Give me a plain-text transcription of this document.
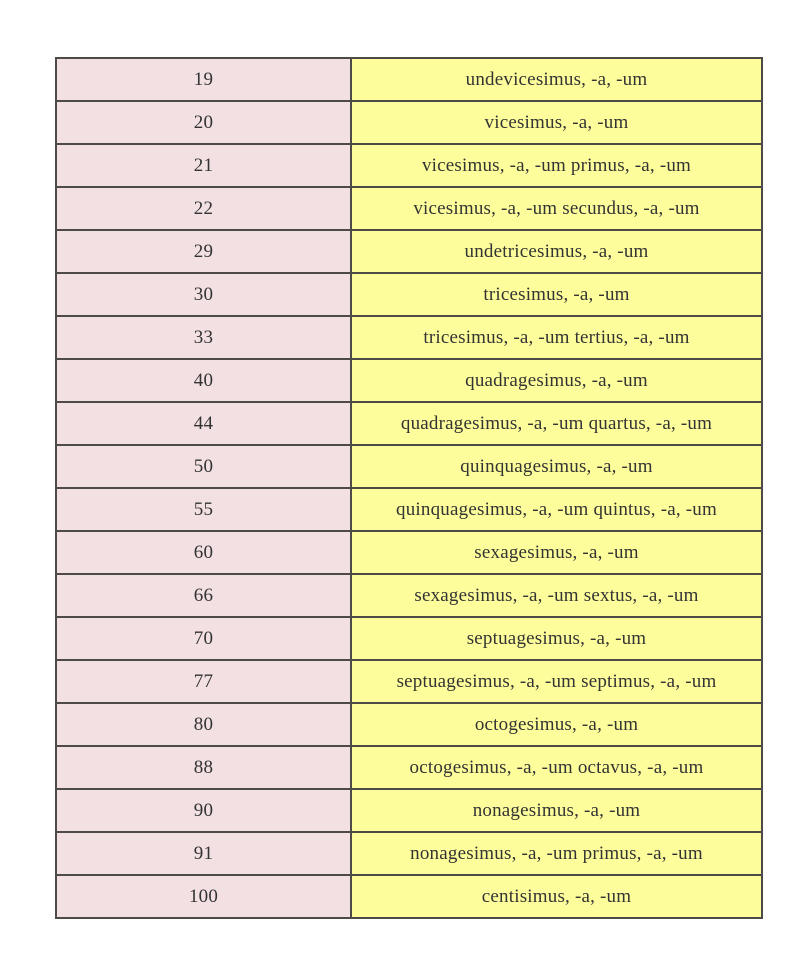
19	undevicesimus, -a, -um
20	vicesimus, -a, -um
21	vicesimus, -a, -um primus, -a, -um
22	vicesimus, -a, -um secundus, -a, -um
29	undetricesimus, -a, -um
30	tricesimus, -a, -um
33	tricesimus, -a, -um tertius, -a, -um
40	quadragesimus, -a, -um
44	quadragesimus, -a, -um quartus, -a, -um
50	quinquagesimus, -a, -um
55	quinquagesimus, -a, -um quintus, -a, -um
60	sexagesimus, -a, -um
66	sexagesimus, -a, -um sextus, -a, -um
70	septuagesimus, -a, -um
77	septuagesimus, -a, -um septimus, -a, -um
80	octogesimus, -a, -um
88	octogesimus, -a, -um octavus, -a, -um
90	nonagesimus, -a, -um
91	nonagesimus, -a, -um primus, -a, -um
100	centisimus, -a, -um
